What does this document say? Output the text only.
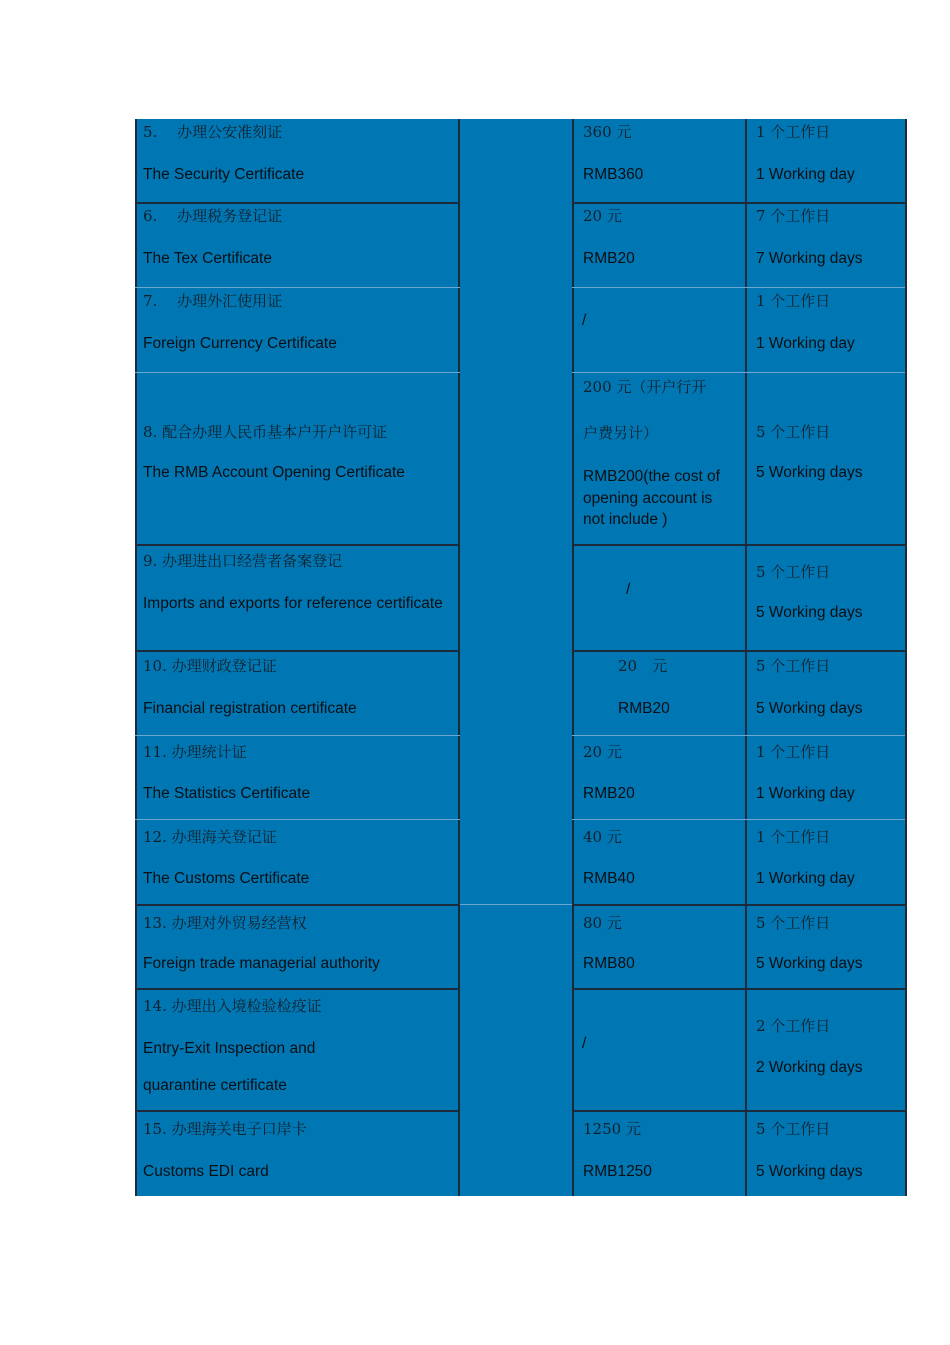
5.　 办理公安准刻证
The Security Certificate
360 元
RMB360
1 个工作日
1 Working day
6.　 办理税务登记证
The Tex Certificate
20 元
RMB20
7 个工作日
7 Working days
7.　 办理外汇使用证
Foreign Currency Certificate
/
1 个工作日
1 Working day
8. 配合办理人民币基本户开户许可证
The RMB Account Opening Certificate
200 元（开户行开
户费另计）
RMB200(the cost of opening account is not include )
5 个工作日
5 Working days
9. 办理进出口经营者备案登记
Imports and exports for reference certificate
/
5 个工作日
5 Working days
10. 办理财政登记证
Financial registration certificate
20　元
RMB20
5 个工作日
5 Working days
11. 办理统计证
The Statistics Certificate
20 元
RMB20
1 个工作日
1 Working day
12. 办理海关登记证
The Customs Certificate
40 元
RMB40
1 个工作日
1 Working day
13. 办理对外贸易经营权
Foreign trade managerial authority
80 元
RMB80
5 个工作日
5 Working days
14. 办理出入境检验检疫证
Entry-Exit Inspection and
quarantine certificate
/
2 个工作日
2 Working days
15. 办理海关电子口岸卡
Customs EDI card
1250 元
RMB1250
5 个工作日
5 Working days
